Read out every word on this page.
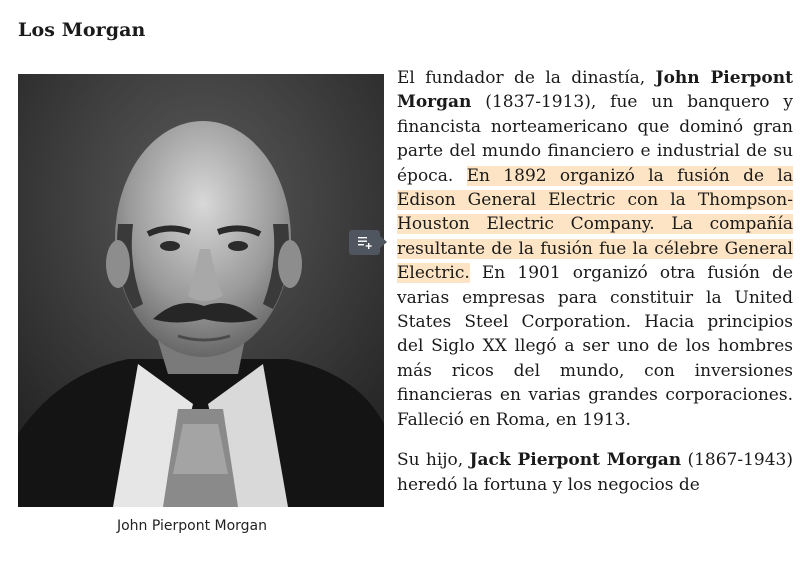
Los Morgan
John Pierpont Morgan

El fundador de la dinastía, John Pierpont Morgan (1837-1913), fue un banquero y financista norteamericano que dominó gran parte del mundo financiero e industrial de su época. En 1892 organizó la fusión de la Edison General Electric con la Thompson-Houston Electric Company. La compañía resultante de la fusión fue la célebre General Electric. En 1901 organizó otra fusión de varias empresas para constituir la United States Steel Corporation. Hacia principios del Siglo XX llegó a ser uno de los hombres más ricos del mundo, con inversiones financieras en varias grandes corporaciones. Falleció en Roma, en 1913.

Su hijo, Jack Pierpont Morgan (1867-1943) heredó la fortuna y los negocios de
